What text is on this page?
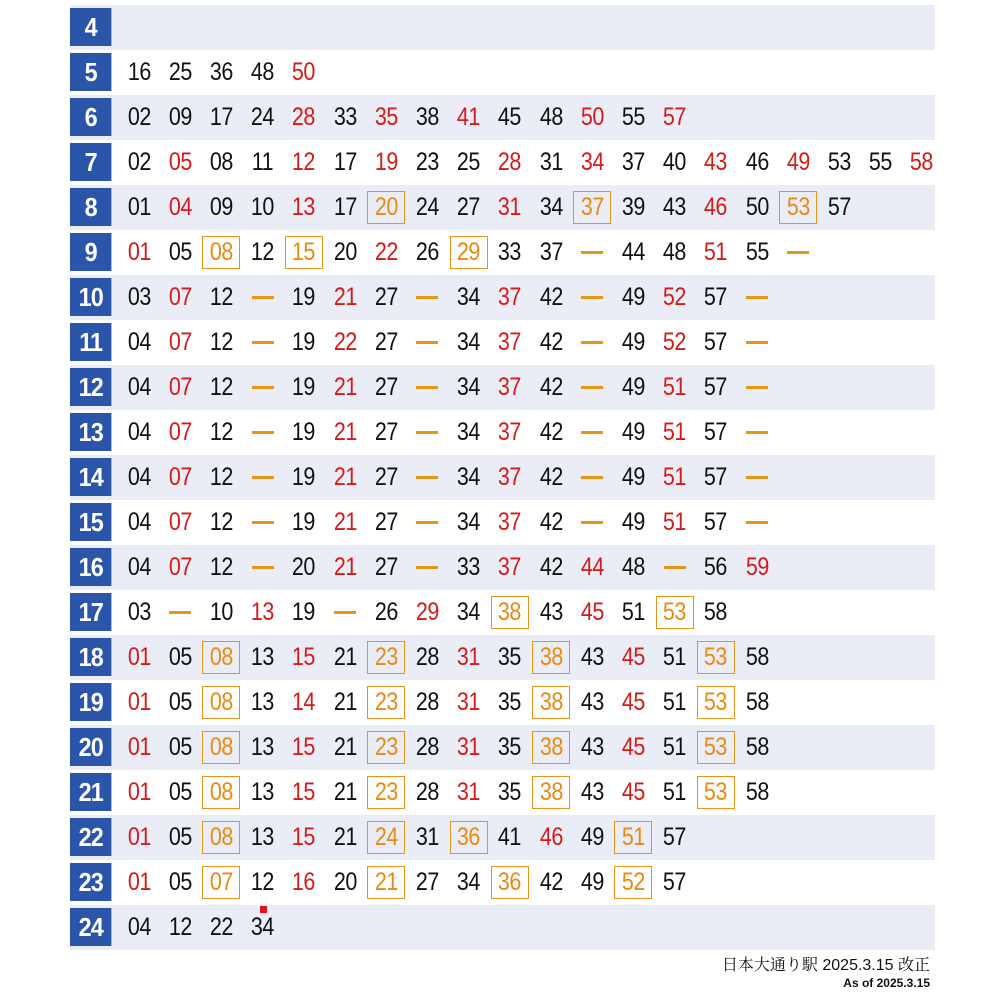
4
5	16 25 36 48 50
6	02 09 17 24 28 33 35 38 41 45 48 50 55 57
7	02 05 08 11 12 17 19 23 25 28 31 34 37 40 43 46 49 53 55 58
8	01 04 09 10 13 17 20 24 27 31 34 37 39 43 46 50 53 57
9	01 05 08 12 15 20 22 26 29 33 37 44 48 51 55
10 03 07 12 19 21 27 34 37 42 49 52 57
11	04 07 12 19 22 27 34 37 42 49 52 57
12 04 07 12 19 21 27 34 37 42 49 51 57
13 04 07 12 19 21 27 34 37 42 49 51 57
14 04 07 12 19 21 27 34 37 42 49 51 57
15 04 07 12 19 21 27 34 37 42 49 51 57
16 04 07 12 20 21 27 33 37 42 44 48 56 59
17 03 10 13 19 26 29 34 38 43 45 51 53 58
18 01 05 08 13 15 21 23 28 31 35 38 43 45 51 53 58
19 01 05 08 13 14 21 23 28 31 35 38 43 45 51 53 58
20 01 05 08 13 15 21 23 28 31 35 38 43 45 51 53 58
21 01 05 08 13 15 21 23 28 31 35 38 43 45 51 53 58
22 01 05 08 13 15 21 24 31 36 41 46 49 51 57
23 01 05 07 12 16 20 21 27 34 36 42 49 52 57
24 04 12 22 34
日本大通り駅 2025.3.15 改正
As of 2025.3.15
